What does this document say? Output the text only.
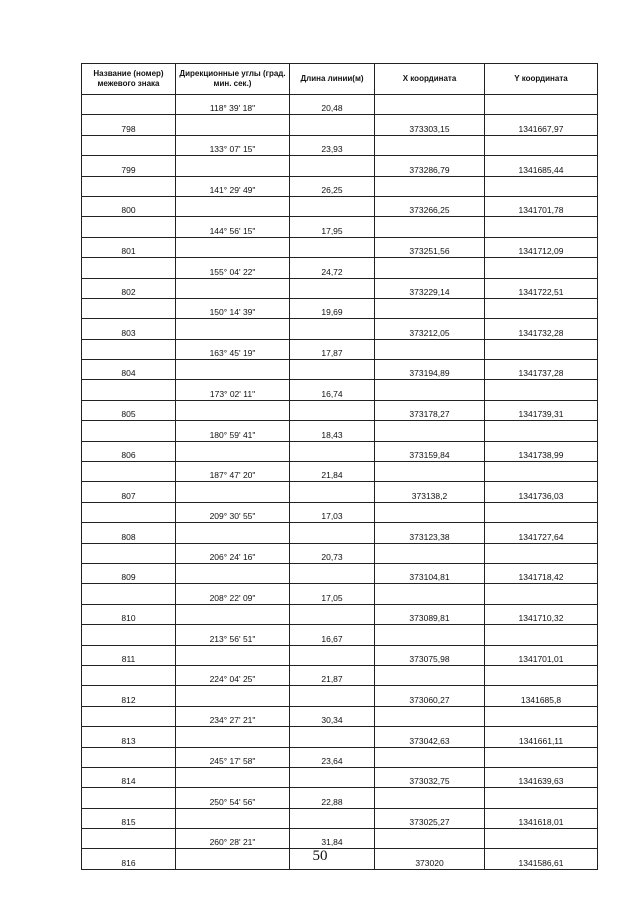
Название (номер) межевого знака	Дирекционные углы (град. мин. сек.)	Длина линии(м)	X координата	Y координата
	118° 39' 18"	20,48		
798			373303,15	1341667,97
	133° 07' 15"	23,93		
799			373286,79	1341685,44
	141° 29' 49"	26,25		
800			373266,25	1341701,78
	144° 56' 15"	17,95		
801			373251,56	1341712,09
	155° 04' 22"	24,72		
802			373229,14	1341722,51
	150° 14' 39"	19,69		
803			373212,05	1341732,28
	163° 45' 19"	17,87		
804			373194,89	1341737,28
	173° 02' 11"	16,74		
805			373178,27	1341739,31
	180° 59' 41"	18,43		
806			373159,84	1341738,99
	187° 47' 20"	21,84		
807			373138,2	1341736,03
	209° 30' 55"	17,03		
808			373123,38	1341727,64
	206° 24' 16"	20,73		
809			373104,81	1341718,42
	208° 22' 09"	17,05		
810			373089,81	1341710,32
	213° 56' 51"	16,67		
811			373075,98	1341701,01
	224° 04' 25"	21,87		
812			373060,27	1341685,8
	234° 27' 21"	30,34		
813			373042,63	1341661,11
	245° 17' 58"	23,64		
814			373032,75	1341639,63
	250° 54' 56"	22,88		
815			373025,27	1341618,01
	260° 28' 21"	31,84		
816			373020	1341586,61
50
